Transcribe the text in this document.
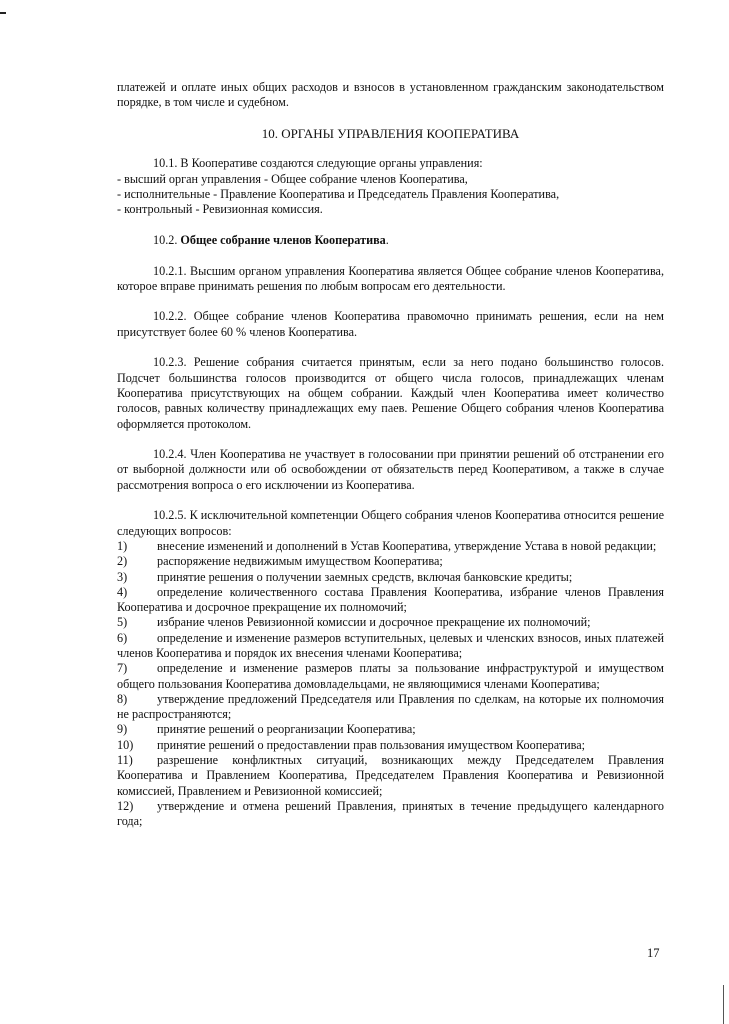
платежей и оплате иных общих расходов и взносов в установленном гражданским законодательством порядке, в том числе и судебном.

10. ОРГАНЫ УПРАВЛЕНИЯ КООПЕРАТИВА

10.1. В Кооперативе создаются следующие органы управления:

- высший орган управления - Общее собрание членов Кооператива,

- исполнительные - Правление Кооператива и Председатель Правления Кооператива,

- контрольный - Ревизионная комиссия.

10.2. Общее собрание членов Кооператива.

10.2.1. Высшим органом управления Кооператива является Общее собрание членов Кооператива, которое вправе принимать решения по любым вопросам его деятельности.

10.2.2. Общее собрание членов Кооператива правомочно принимать решения, если на нем присутствует более 60 % членов Кооператива.

10.2.3. Решение собрания считается принятым, если за него подано большинство голосов. Подсчет большинства голосов производится от общего числа голосов, принадлежащих членам Кооператива присутствующих на общем собрании. Каждый член Кооператива имеет количество голосов, равных количеству принадлежащих ему паев. Решение Общего собрания членов Кооператива оформляется протоколом.

10.2.4. Член Кооператива не участвует в голосовании при принятии решений об отстранении его от выборной должности или об освобождении от обязательств перед Кооперативом, а также в случае рассмотрения вопроса о его исключении из Кооператива.

10.2.5. К исключительной компетенции Общего собрания членов Кооператива относится решение следующих вопросов:

1) внесение изменений и дополнений в Устав Кооператива, утверждение Устава в новой редакции;

2) распоряжение недвижимым имуществом Кооператива;

3) принятие решения о получении заемных средств, включая банковские кредиты;

4) определение количественного состава Правления Кооператива, избрание членов Правления Кооператива и досрочное прекращение их полномочий;

5) избрание членов Ревизионной комиссии и досрочное прекращение их полномочий;

6) определение и изменение размеров вступительных, целевых и членских взносов, иных платежей членов Кооператива и порядок их внесения членами Кооператива;

7) определение и изменение размеров платы за пользование инфраструктурой и имуществом общего пользования Кооператива домовладельцами, не являющимися членами Кооператива;

8) утверждение предложений Председателя или Правления по сделкам, на которые их полномочия не распространяются;

9) принятие решений о реорганизации Кооператива;

10) принятие решений о предоставлении прав пользования имуществом Кооператива;

11) разрешение конфликтных ситуаций, возникающих между Председателем Правления Кооператива и Правлением Кооператива, Председателем Правления Кооператива и Ревизионной комиссией, Правлением и Ревизионной комиссией;

12) утверждение и отмена решений Правления, принятых в течение предыдущего календарного года;

17
